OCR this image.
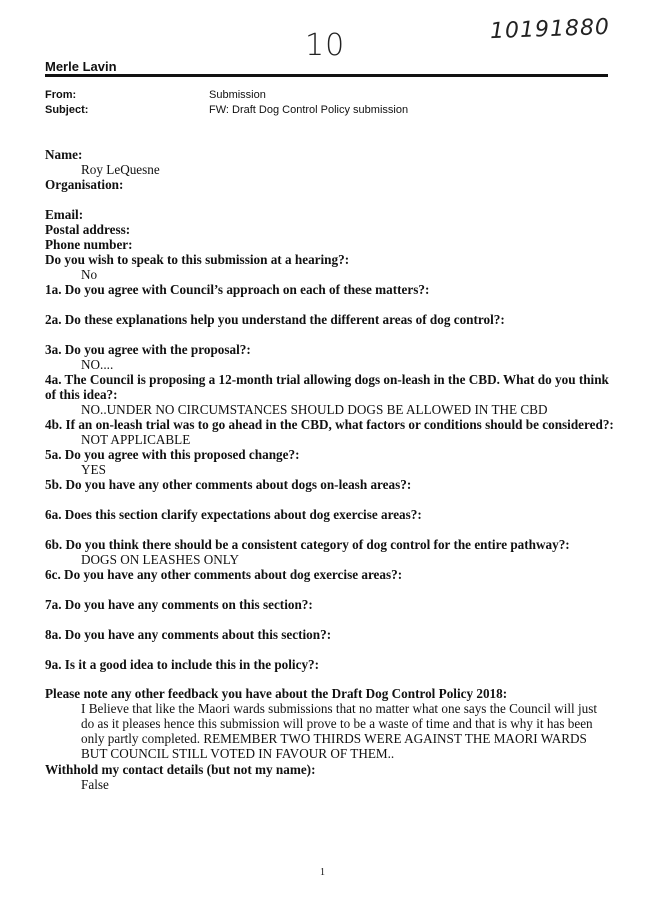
10	10191880
Merle Lavin
From:	Submission
Subject:	FW: Draft Dog Control Policy submission
Name:
Roy LeQuesne
Organisation:
Email:
Postal address:
Phone number:
Do you wish to speak to this submission at a hearing?:
No
1a. Do you agree with Council’s approach on each of these matters?:
2a. Do these explanations help you understand the different areas of dog control?:
3a. Do you agree with the proposal?:
NO....
4a. The Council is proposing a 12-month trial allowing dogs on-leash in the CBD. What do you think of this idea?:
NO..UNDER NO CIRCUMSTANCES SHOULD DOGS BE ALLOWED IN THE CBD
4b. If an on-leash trial was to go ahead in the CBD, what factors or conditions should be considered?:
NOT APPLICABLE
5a. Do you agree with this proposed change?:
YES
5b. Do you have any other comments about dogs on-leash areas?:
6a. Does this section clarify expectations about dog exercise areas?:
6b. Do you think there should be a consistent category of dog control for the entire pathway?:
DOGS ON LEASHES ONLY
6c. Do you have any other comments about dog exercise areas?:
7a. Do you have any comments on this section?:
8a. Do you have any comments about this section?:
9a. Is it a good idea to include this in the policy?:
Please note any other feedback you have about the Draft Dog Control Policy 2018:
I Believe that like the Maori wards submissions that no matter what one says the Council will just do as it pleases hence this submission will prove to be a waste of time and that is why it has been only partly completed. REMEMBER TWO THIRDS WERE AGAINST THE MAORI WARDS BUT COUNCIL STILL VOTED IN FAVOUR OF THEM..
Withhold my contact details (but not my name):
False
1
